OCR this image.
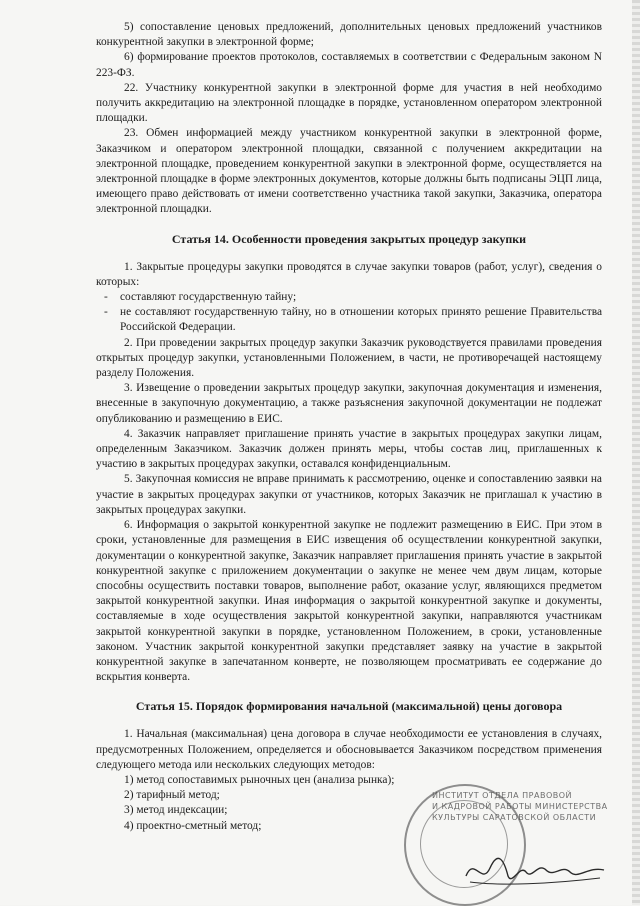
5) сопоставление ценовых предложений, дополнительных ценовых предложений участников конкурентной закупки в электронной форме;

6) формирование проектов протоколов, составляемых в соответствии с Федеральным законом N 223-ФЗ.

22. Участнику конкурентной закупки в электронной форме для участия в ней необходимо получить аккредитацию на электронной площадке в порядке, установленном оператором электронной площадки.

23. Обмен информацией между участником конкурентной закупки в электронной форме, Заказчиком и оператором электронной площадки, связанной с получением аккредитации на электронной площадке, проведением конкурентной закупки в электронной форме, осуществляется на электронной площадке в форме электронных документов, которые должны быть подписаны ЭЦП лица, имеющего право действовать от имени соответственно участника такой закупки, Заказчика, оператора электронной площадки.

Статья 14. Особенности проведения закрытых процедур закупки

1. Закрытые процедуры закупки проводятся в случае закупки товаров (работ, услуг), сведения о которых:

-	составляют государственную тайну;
-	не составляют государственную тайну, но в отношении которых принято решение Правительства Российской Федерации.

2. При проведении закрытых процедур закупки Заказчик руководствуется правилами проведения открытых процедур закупки, установленными Положением, в части, не противоречащей настоящему разделу Положения.

3. Извещение о проведении закрытых процедур закупки, закупочная документация и изменения, внесенные в закупочную документацию, а также разъяснения закупочной документации не подлежат опубликованию и размещению в ЕИС.

4. Заказчик направляет приглашение принять участие в закрытых процедурах закупки лицам, определенным Заказчиком. Заказчик должен принять меры, чтобы состав лиц, приглашенных к участию в закрытых процедурах закупки, оставался конфиденциальным.

5. Закупочная комиссия не вправе принимать к рассмотрению, оценке и сопоставлению заявки на участие в закрытых процедурах закупки от участников, которых Заказчик не приглашал к участию в закрытых процедурах закупки.

6. Информация о закрытой конкурентной закупке не подлежит размещению в ЕИС. При этом в сроки, установленные для размещения в ЕИС извещения об осуществлении конкурентной закупки, документации о конкурентной закупке, Заказчик направляет приглашения принять участие в закрытой конкурентной закупке с приложением документации о закупке не менее чем двум лицам, которые способны осуществить поставки товаров, выполнение работ, оказание услуг, являющихся предметом закрытой конкурентной закупки. Иная информация о закрытой конкурентной закупке и документы, составляемые в ходе осуществления закрытой конкурентной закупки, направляются участникам закрытой конкурентной закупки в порядке, установленном Положением, в сроки, установленные законом. Участник закрытой конкурентной закупки представляет заявку на участие в закрытой конкурентной закупке в запечатанном конверте, не позволяющем просматривать ее содержание до вскрытия конверта.

Статья 15. Порядок формирования начальной (максимальной) цены договора

1. Начальная (максимальная) цена договора в случае необходимости ее установления в случаях, предусмотренных Положением, определяется и обосновывается Заказчиком посредством применения следующего метода или нескольких следующих методов:

1) метод сопоставимых рыночных цен (анализа рынка);
2) тарифный метод;
3) метод индексации;
4) проектно-сметный метод;
ИНСТИТУТ ОТДЕЛА ПРАВОВОЙ
И КАДРОВОЙ РАБОТЫ МИНИСТЕРСТВА
КУЛЬТУРЫ САРАТОВСКОЙ ОБЛАСТИ
